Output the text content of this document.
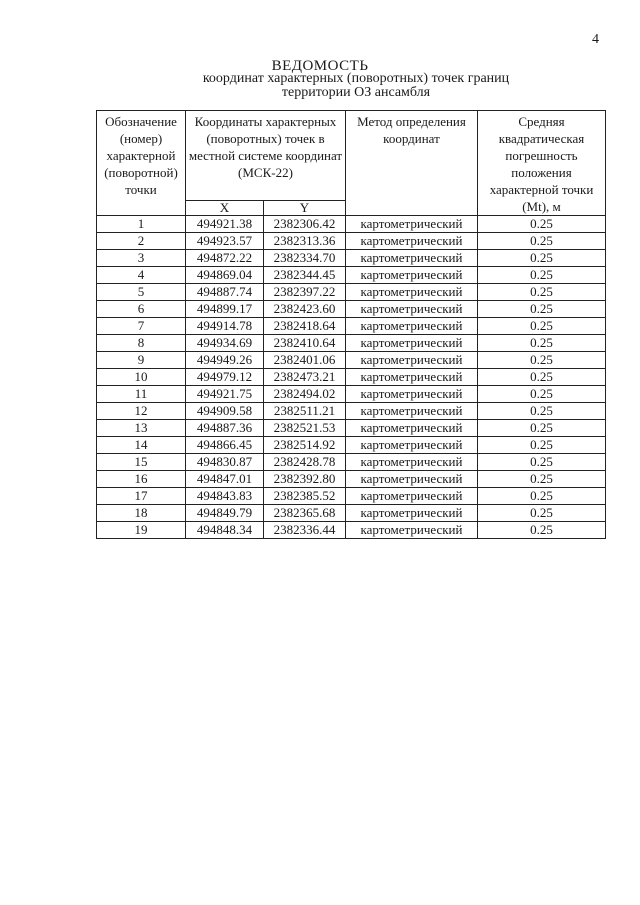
4
ВЕДОМОСТЬ
координат характерных (поворотных) точек границ
территории ОЗ ансамбля
Обозначение (номер) характерной (поворотной) точки	Координаты характерных (поворотных) точек в местной системе координат (МСК-22)		Метод определения координат	Средняя квадратическая погрешность положения характерной точки (Mt), м
	X	Y		
1	494921.38	2382306.42	картометрический	0.25
2	494923.57	2382313.36	картометрический	0.25
3	494872.22	2382334.70	картометрический	0.25
4	494869.04	2382344.45	картометрический	0.25
5	494887.74	2382397.22	картометрический	0.25
6	494899.17	2382423.60	картометрический	0.25
7	494914.78	2382418.64	картометрический	0.25
8	494934.69	2382410.64	картометрический	0.25
9	494949.26	2382401.06	картометрический	0.25
10	494979.12	2382473.21	картометрический	0.25
11	494921.75	2382494.02	картометрический	0.25
12	494909.58	2382511.21	картометрический	0.25
13	494887.36	2382521.53	картометрический	0.25
14	494866.45	2382514.92	картометрический	0.25
15	494830.87	2382428.78	картометрический	0.25
16	494847.01	2382392.80	картометрический	0.25
17	494843.83	2382385.52	картометрический	0.25
18	494849.79	2382365.68	картометрический	0.25
19	494848.34	2382336.44	картометрический	0.25
